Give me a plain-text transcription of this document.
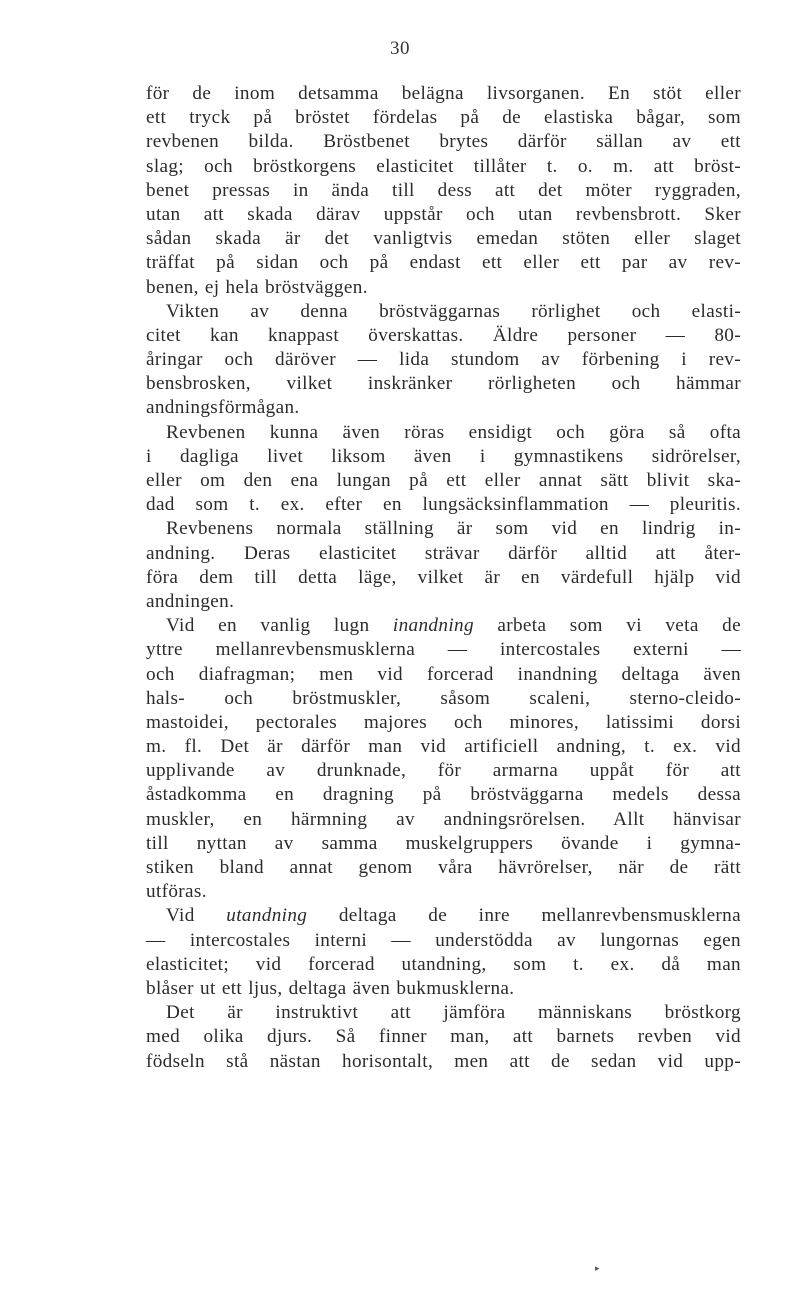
30
för de inom detsamma belägna livsorganen. En stöt eller
ett tryck på bröstet fördelas på de elastiska bågar, som
revbenen bilda. Bröstbenet brytes därför sällan av ett
slag; och bröstkorgens elasticitet tillåter t. o. m. att bröst-
benet pressas in ända till dess att det möter ryggraden,
utan att skada därav uppstår och utan revbensbrott. Sker
sådan skada är det vanligtvis emedan stöten eller slaget
träffat på sidan och på endast ett eller ett par av rev-
benen, ej hela bröstväggen.
Vikten av denna bröstväggarnas rörlighet och elasti-
citet kan knappast överskattas. Äldre personer — 80-
åringar och däröver — lida stundom av förbening i rev-
bensbrosken, vilket inskränker rörligheten och hämmar
andningsförmågan.
Revbenen kunna även röras ensidigt och göra så ofta
i dagliga livet liksom även i gymnastikens sidrörelser,
eller om den ena lungan på ett eller annat sätt blivit ska-
dad som t. ex. efter en lungsäcksinflammation — pleuritis.
Revbenens normala ställning är som vid en lindrig in-
andning. Deras elasticitet strävar därför alltid att åter-
föra dem till detta läge, vilket är en värdefull hjälp vid
andningen.
Vid en vanlig lugn inandning arbeta som vi veta de
yttre mellanrevbensmusklerna — intercostales externi —
och diafragman; men vid forcerad inandning deltaga även
hals- och bröstmuskler, såsom scaleni, sterno-cleido-
mastoidei, pectorales majores och minores, latissimi dorsi
m. fl. Det är därför man vid artificiell andning, t. ex. vid
upplivande av drunknade, för armarna uppåt för att
åstadkomma en dragning på bröstväggarna medels dessa
muskler, en härmning av andningsrörelsen. Allt hänvisar
till nyttan av samma muskelgruppers övande i gymna-
stiken bland annat genom våra hävrörelser, när de rätt
utföras.
Vid utandning deltaga de inre mellanrevbensmusklerna
— intercostales interni — understödda av lungornas egen
elasticitet; vid forcerad utandning, som t. ex. då man
blåser ut ett ljus, deltaga även bukmusklerna.
Det är instruktivt att jämföra människans bröstkorg
med olika djurs. Så finner man, att barnets revben vid
födseln stå nästan horisontalt, men att de sedan vid upp-
▸
